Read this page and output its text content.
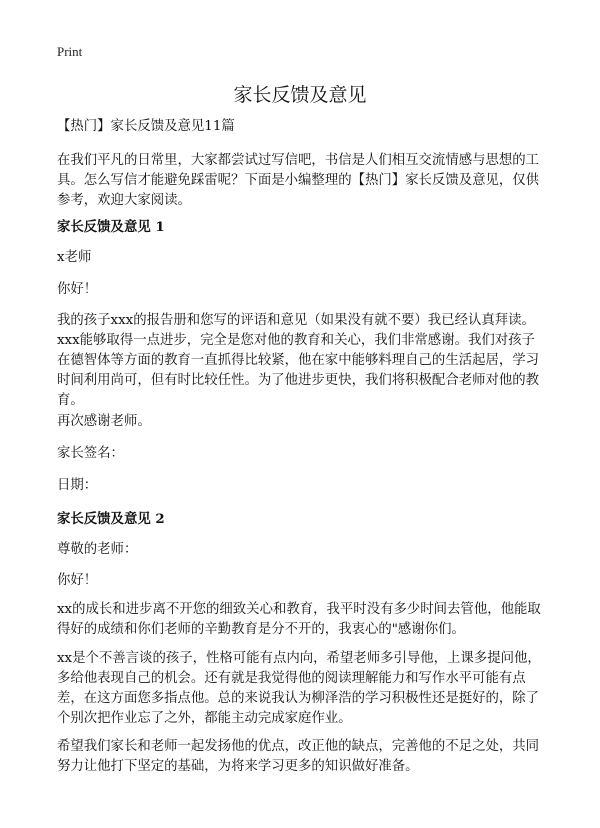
Print
家长反馈及意见
【热门】家长反馈及意见11篇
在我们平凡的日常里，大家都尝试过写信吧，书信是人们相互交流情感与思想的工具。怎么写信才能避免踩雷呢？下面是小编整理的【热门】家长反馈及意见，仅供参考，欢迎大家阅读。
家长反馈及意见 1
x老师
你好！
我的孩子xxx的报告册和您写的评语和意见（如果没有就不要）我已经认真拜读。xxx能够取得一点进步，完全是您对他的教育和关心，我们非常感谢。我们对孩子在德智体等方面的教育一直抓得比较紧，他在家中能够料理自己的生活起居，学习时间利用尚可，但有时比较任性。为了他进步更快，我们将积极配合老师对他的教育。
再次感谢老师。
家长签名：
日期：
家长反馈及意见 2
尊敬的老师：
你好！
xx的成长和进步离不开您的细致关心和教育，我平时没有多少时间去管他，他能取得好的成绩和你们老师的辛勤教育是分不开的，我衷心的"感谢你们。
xx是个不善言谈的孩子，性格可能有点内向，希望老师多引导他，上课多提问他，多给他表现自己的机会。还有就是我觉得他的阅读理解能力和写作水平可能有点差，在这方面您多指点他。总的来说我认为柳泽浩的学习积极性还是挺好的，除了个别次把作业忘了之外，都能主动完成家庭作业。
希望我们家长和老师一起发扬他的优点，改正他的缺点，完善他的不足之处，共同努力让他打下坚定的基础，为将来学习更多的知识做好准备。
